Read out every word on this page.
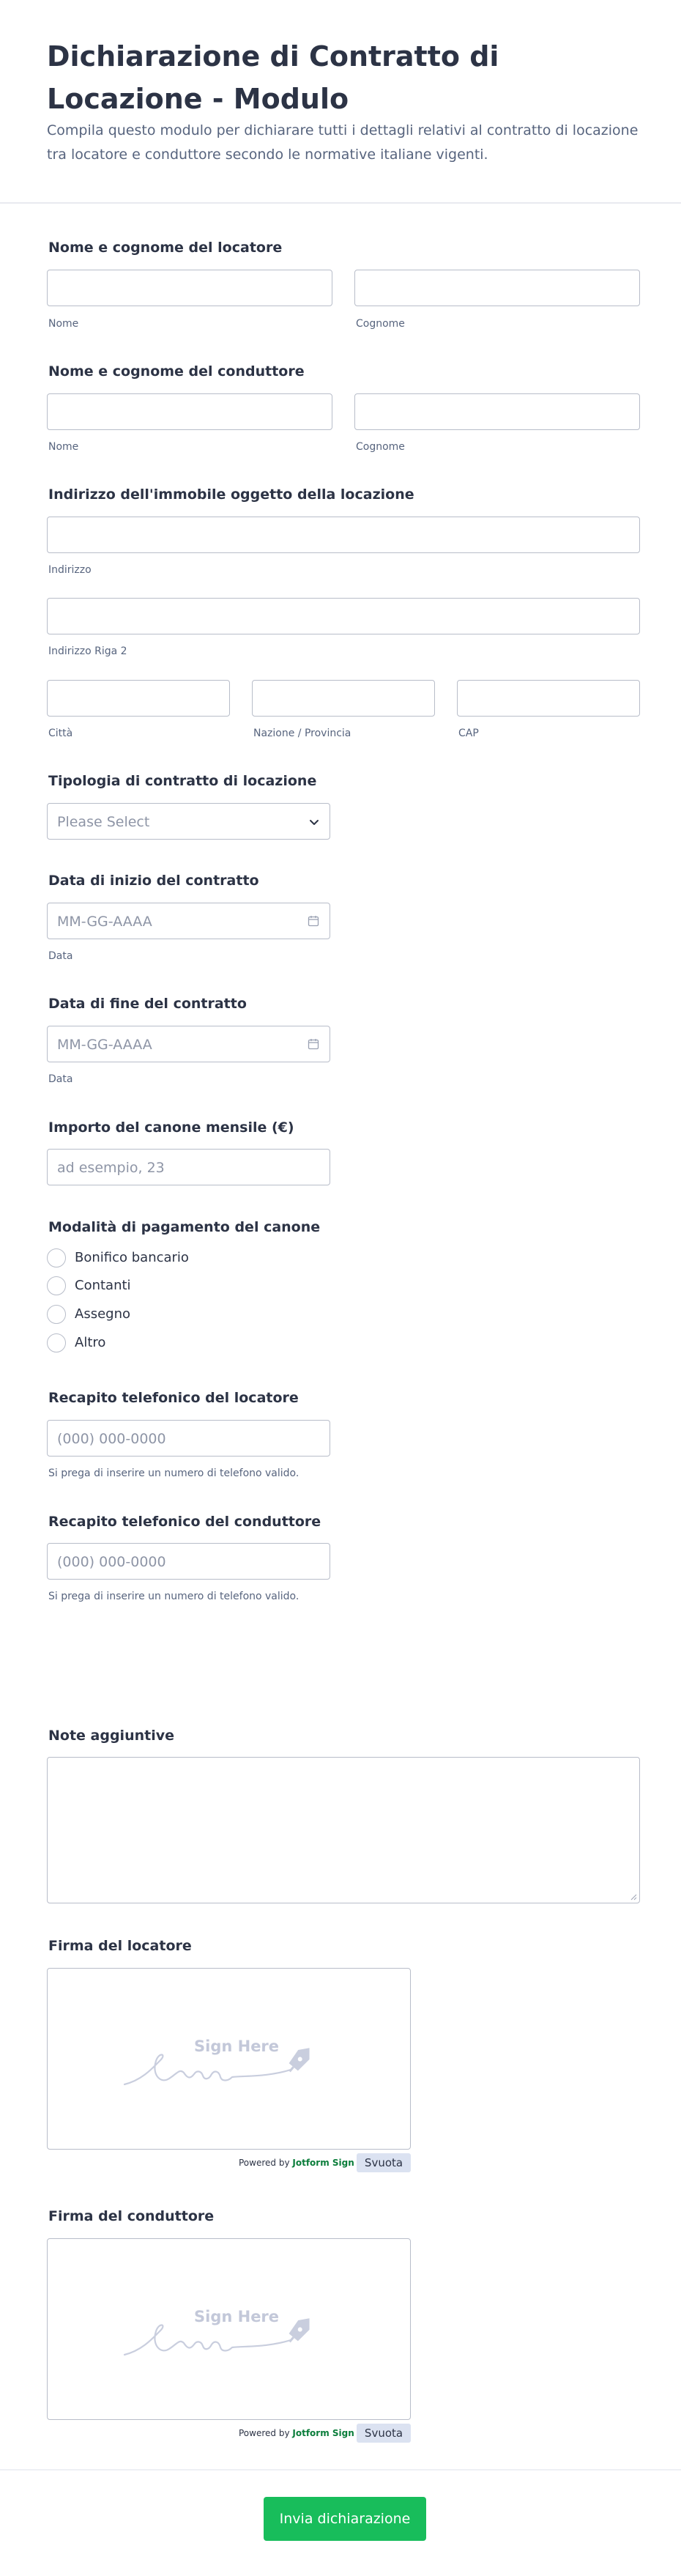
Dichiarazione di Contratto di Locazione - Modulo
Compila questo modulo per dichiarare tutti i dettagli relativi al contratto di locazione tra locatore e conduttore secondo le normative italiane vigenti.
Nome e cognome del locatore
Nome	Cognome
Nome e cognome del conduttore
Nome	Cognome
Indirizzo dell'immobile oggetto della locazione
Indirizzo
Indirizzo Riga 2
Città	Nazione / Provincia	CAP
Tipologia di contratto di locazione
Please Select
Data di inizio del contratto
MM-GG-AAAA
Data
Data di fine del contratto
MM-GG-AAAA
Data
Importo del canone mensile (€)
ad esempio, 23
Modalità di pagamento del canone
Bonifico bancario
Contanti
Assegno
Altro
Recapito telefonico del locatore
(000) 000-0000
Si prega di inserire un numero di telefono valido.
Recapito telefonico del conduttore
(000) 000-0000
Si prega di inserire un numero di telefono valido.
Note aggiuntive
Firma del locatore
Sign Here
Powered by Jotform Sign Svuota
Firma del conduttore
Sign Here
Powered by Jotform Sign Svuota
Invia dichiarazione
